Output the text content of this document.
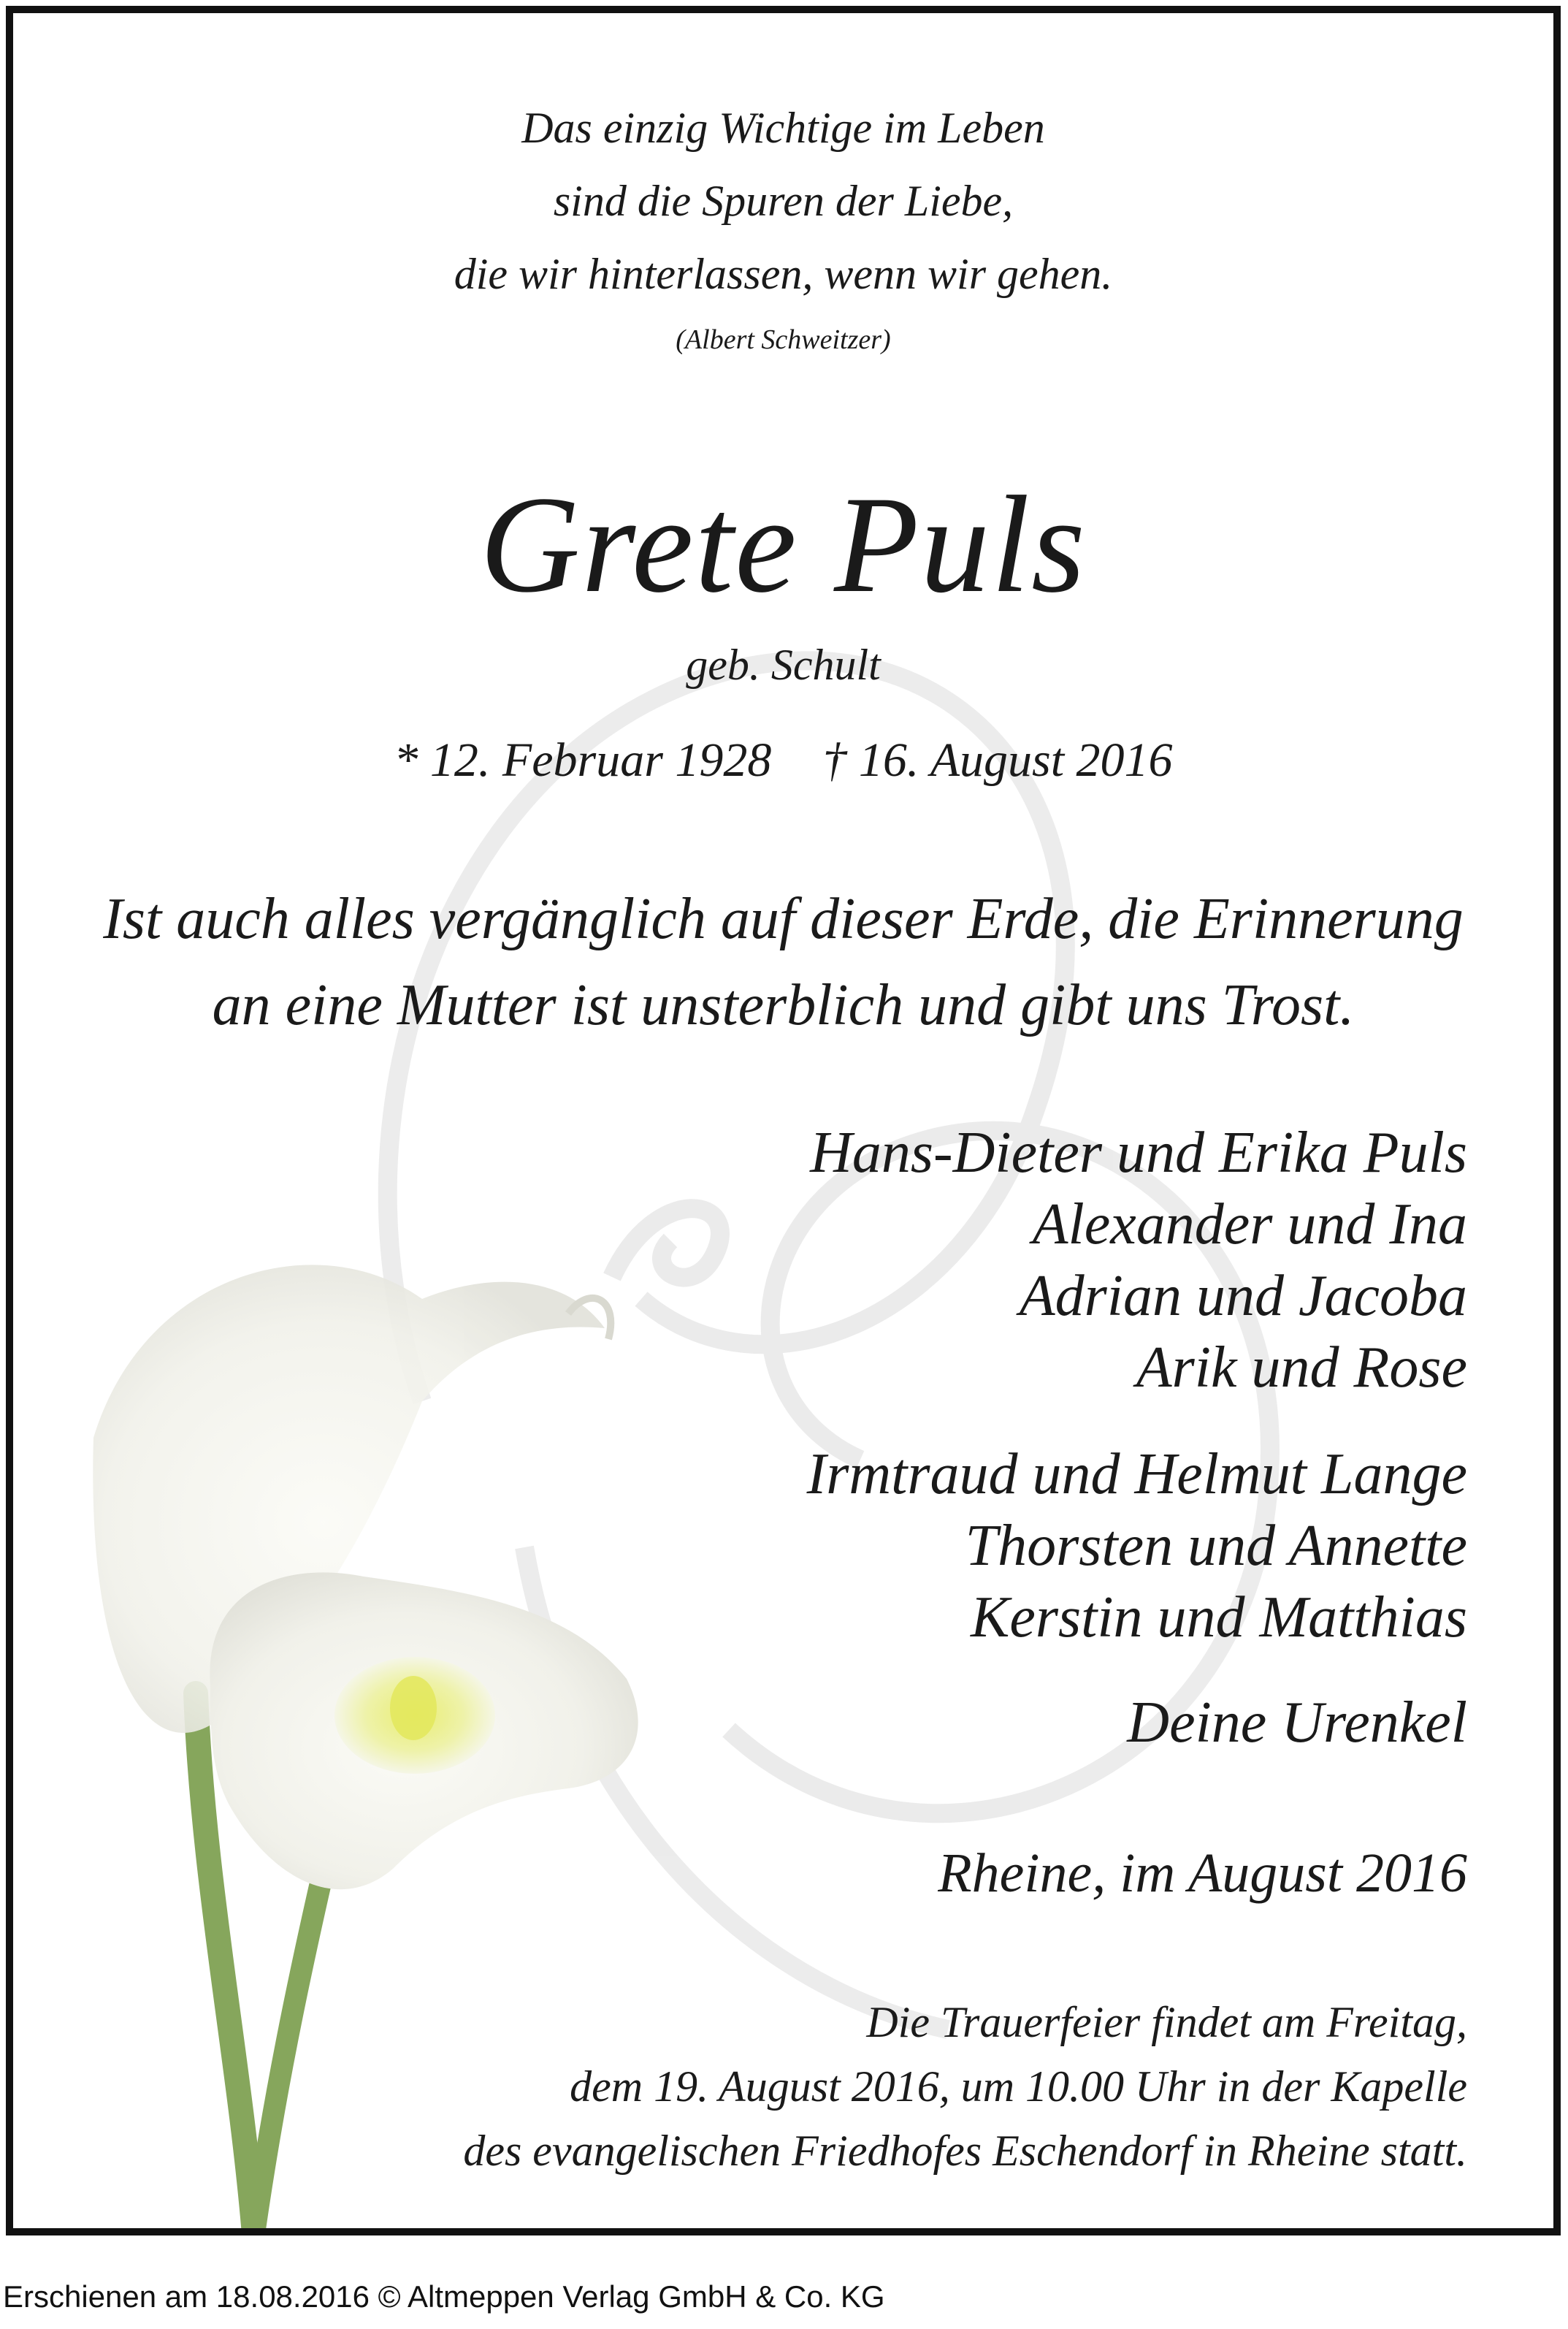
Das einzig Wichtige im Leben
sind die Spuren der Liebe,
die wir hinterlassen, wenn wir gehen.
(Albert Schweitzer)
Grete Puls
geb. Schult
* 12. Februar 1928 † 16. August 2016
Ist auch alles vergänglich auf dieser Erde, die Erinnerung
an eine Mutter ist unsterblich und gibt uns Trost.
Hans-Dieter und Erika Puls
Alexander und Ina
Adrian und Jacoba
Arik und Rose
Irmtraud und Helmut Lange
Thorsten und Annette
Kerstin und Matthias
Deine Urenkel
Rheine, im August 2016
Die Trauerfeier findet am Freitag,
dem 19. August 2016, um 10.00 Uhr in der Kapelle
des evangelischen Friedhofes Eschendorf in Rheine statt.
Erschienen am 18.08.2016 © Altmeppen Verlag GmbH & Co. KG
